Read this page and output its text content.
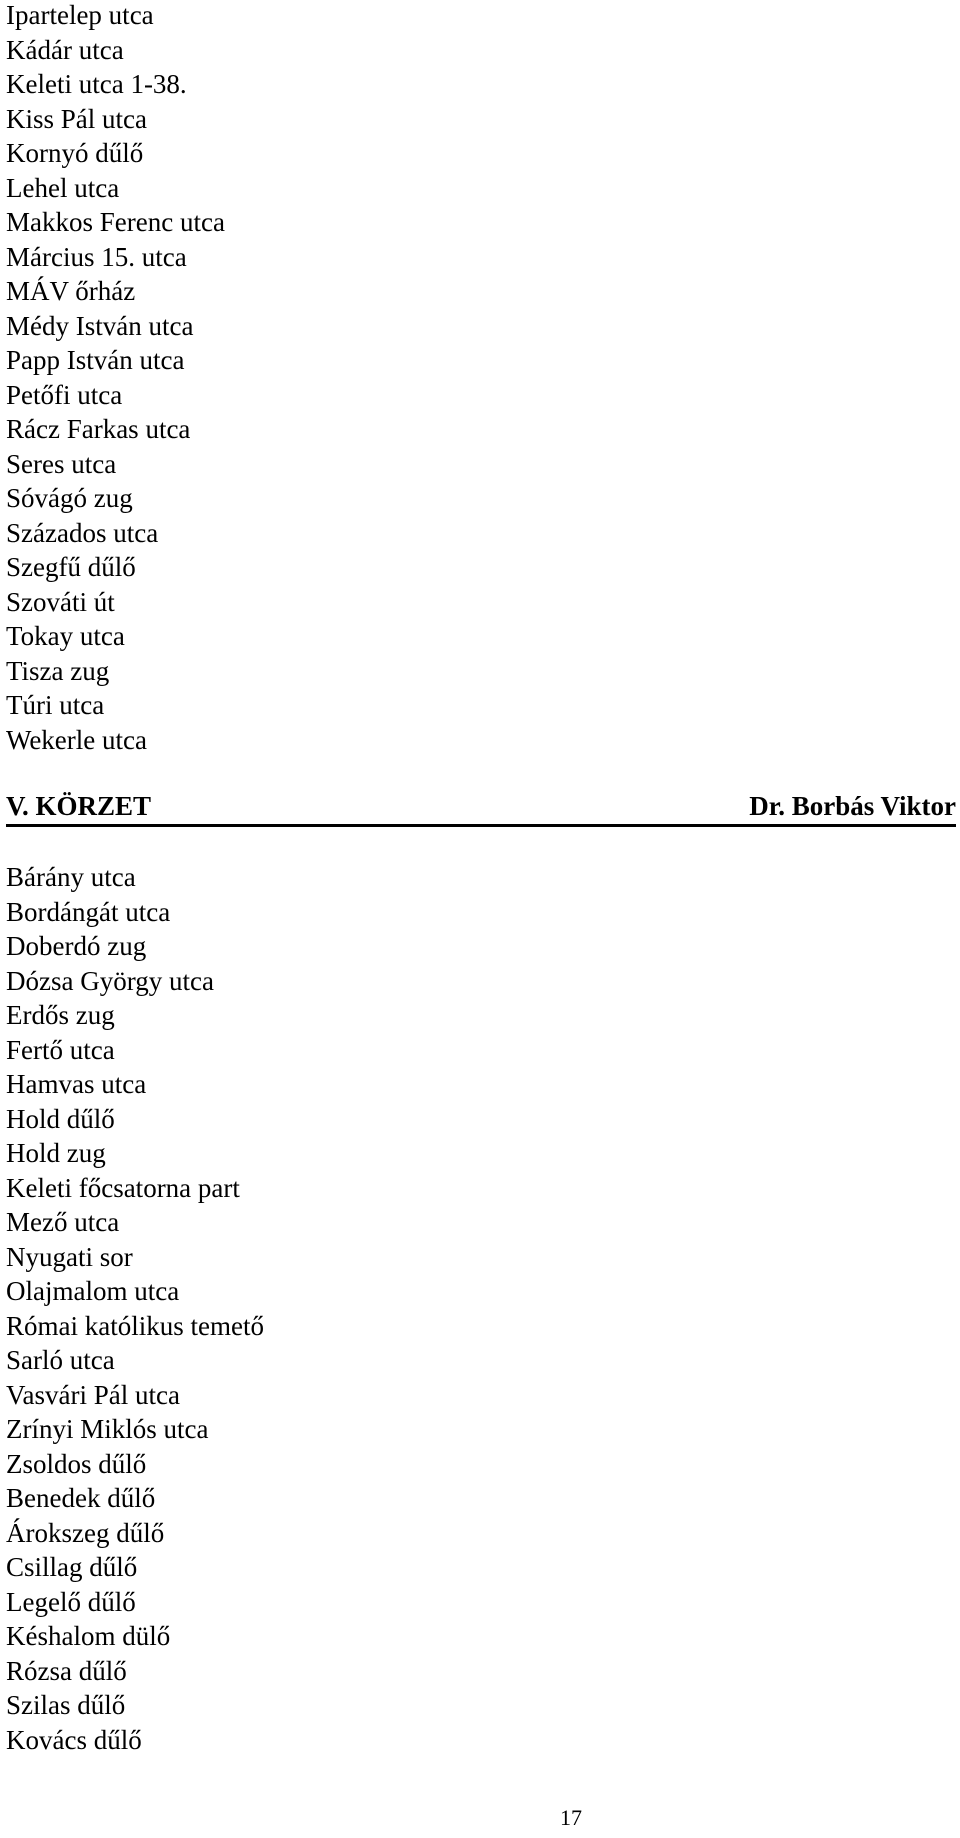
Ipartelep utca
Kádár utca
Keleti utca 1-38.
Kiss Pál utca
Kornyó dűlő
Lehel utca
Makkos Ferenc utca
Március 15. utca
MÁV őrház
Médy István utca
Papp István utca
Petőfi utca
Rácz Farkas utca
Seres utca
Sóvágó zug
Százados utca
Szegfű dűlő
Szováti út
Tokay utca
Tisza zug
Túri utca
Wekerle utca
V. KÖRZET	Dr. Borbás Viktor
Bárány utca
Bordángát utca
Doberdó zug
Dózsa György utca
Erdős zug
Fertő utca
Hamvas utca
Hold dűlő
Hold zug
Keleti főcsatorna part
Mező utca
Nyugati sor
Olajmalom utca
Római katólikus temető
Sarló utca
Vasvári Pál utca
Zrínyi Miklós utca
Zsoldos dűlő
Benedek dűlő
Árokszeg dűlő
Csillag dűlő
Legelő dűlő
Késhalom dülő
Rózsa dűlő
Szilas dűlő
Kovács dűlő
17
